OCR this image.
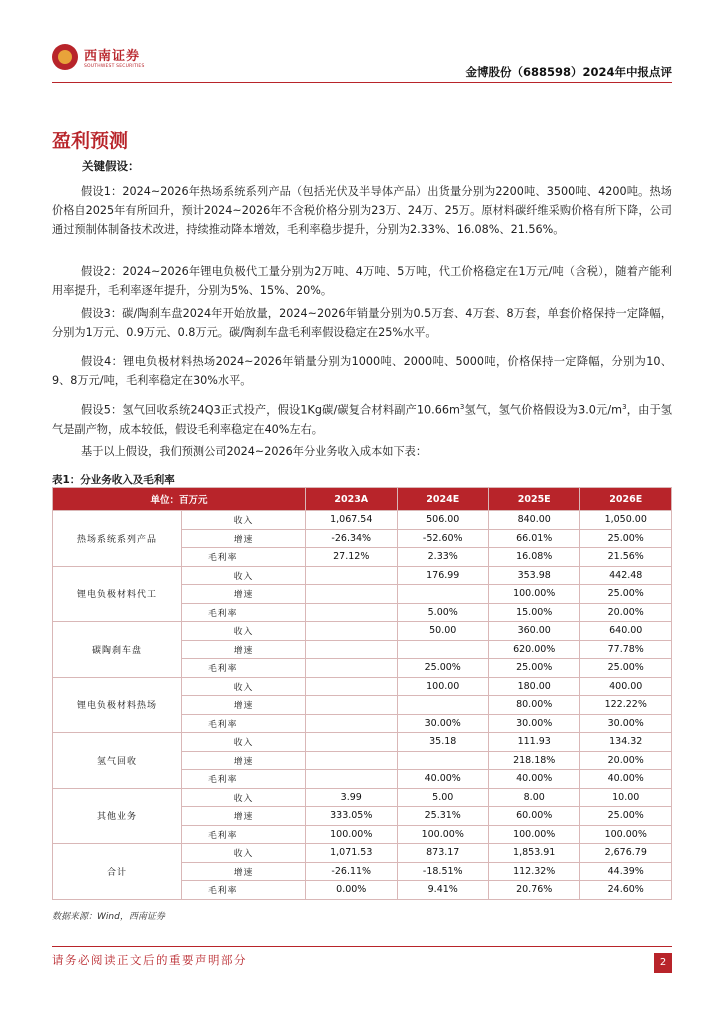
西南证券
SOUTHWEST SECURITIES	金博股份（688598）2024年中报点评
盈利预测
关键假设：
假设1：2024~2026年热场系统系列产品（包括光伏及半导体产品）出货量分别为2200吨、3500吨、4200吨。热场价格自2025年有所回升，预计2024~2026年不含税价格分别为23万、24万、25万。原材料碳纤维采购价格有所下降，公司通过预制体制备技术改进，持续推动降本增效，毛利率稳步提升，分别为2.33%、16.08%、21.56%。
假设2：2024~2026年锂电负极代工量分别为2万吨、4万吨、5万吨，代工价格稳定在1万元/吨（含税），随着产能利用率提升，毛利率逐年提升，分别为5%、15%、20%。
假设3：碳/陶刹车盘2024年开始放量，2024~2026年销量分别为0.5万套、4万套、8万套，单套价格保持一定降幅，分别为1万元、0.9万元、0.8万元。碳/陶刹车盘毛利率假设稳定在25%水平。
假设4：锂电负极材料热场2024~2026年销量分别为1000吨、2000吨、5000吨，价格保持一定降幅，分别为10、9、8万元/吨，毛利率稳定在30%水平。
假设5：氢气回收系统24Q3正式投产，假设1Kg碳/碳复合材料副产$10.66m^3$氢气，氢气价格假设为3.0元$/m^3$，由于氢气是副产物，成本较低，假设毛利率稳定在40%左右。
基于以上假设，我们预测公司2024~2026年分业务收入成本如下表：
表1：分业务收入及毛利率
单位：百万元		2023A	2024E	2025E	2026E
热场系统系列产品	收入	1,067.54	506.00	840.00	1,050.00
	增速	-26.34%	-52.60%	66.01%	25.00%
	毛利率	27.12%	2.33%	16.08%	21.56%
锂电负极材料代工	收入		176.99	353.98	442.48
	增速			100.00%	25.00%
	毛利率		5.00%	15.00%	20.00%
碳陶刹车盘	收入		50.00	360.00	640.00
	增速			620.00%	77.78%
	毛利率		25.00%	25.00%	25.00%
锂电负极材料热场	收入		100.00	180.00	400.00
	增速			80.00%	122.22%
	毛利率		30.00%	30.00%	30.00%
氢气回收	收入		35.18	111.93	134.32
	增速			218.18%	20.00%
	毛利率		40.00%	40.00%	40.00%
其他业务	收入	3.99	5.00	8.00	10.00
	增速	333.05%	25.31%	60.00%	25.00%
	毛利率	100.00%	100.00%	100.00%	100.00%
合计	收入	1,071.53	873.17	1,853.91	2,676.79
	增速	-26.11%	-18.51%	112.32%	44.39%
	毛利率	0.00%	9.41%	20.76%	24.60%
数据来源：Wind，西南证券
请务必阅读正文后的重要声明部分	2
